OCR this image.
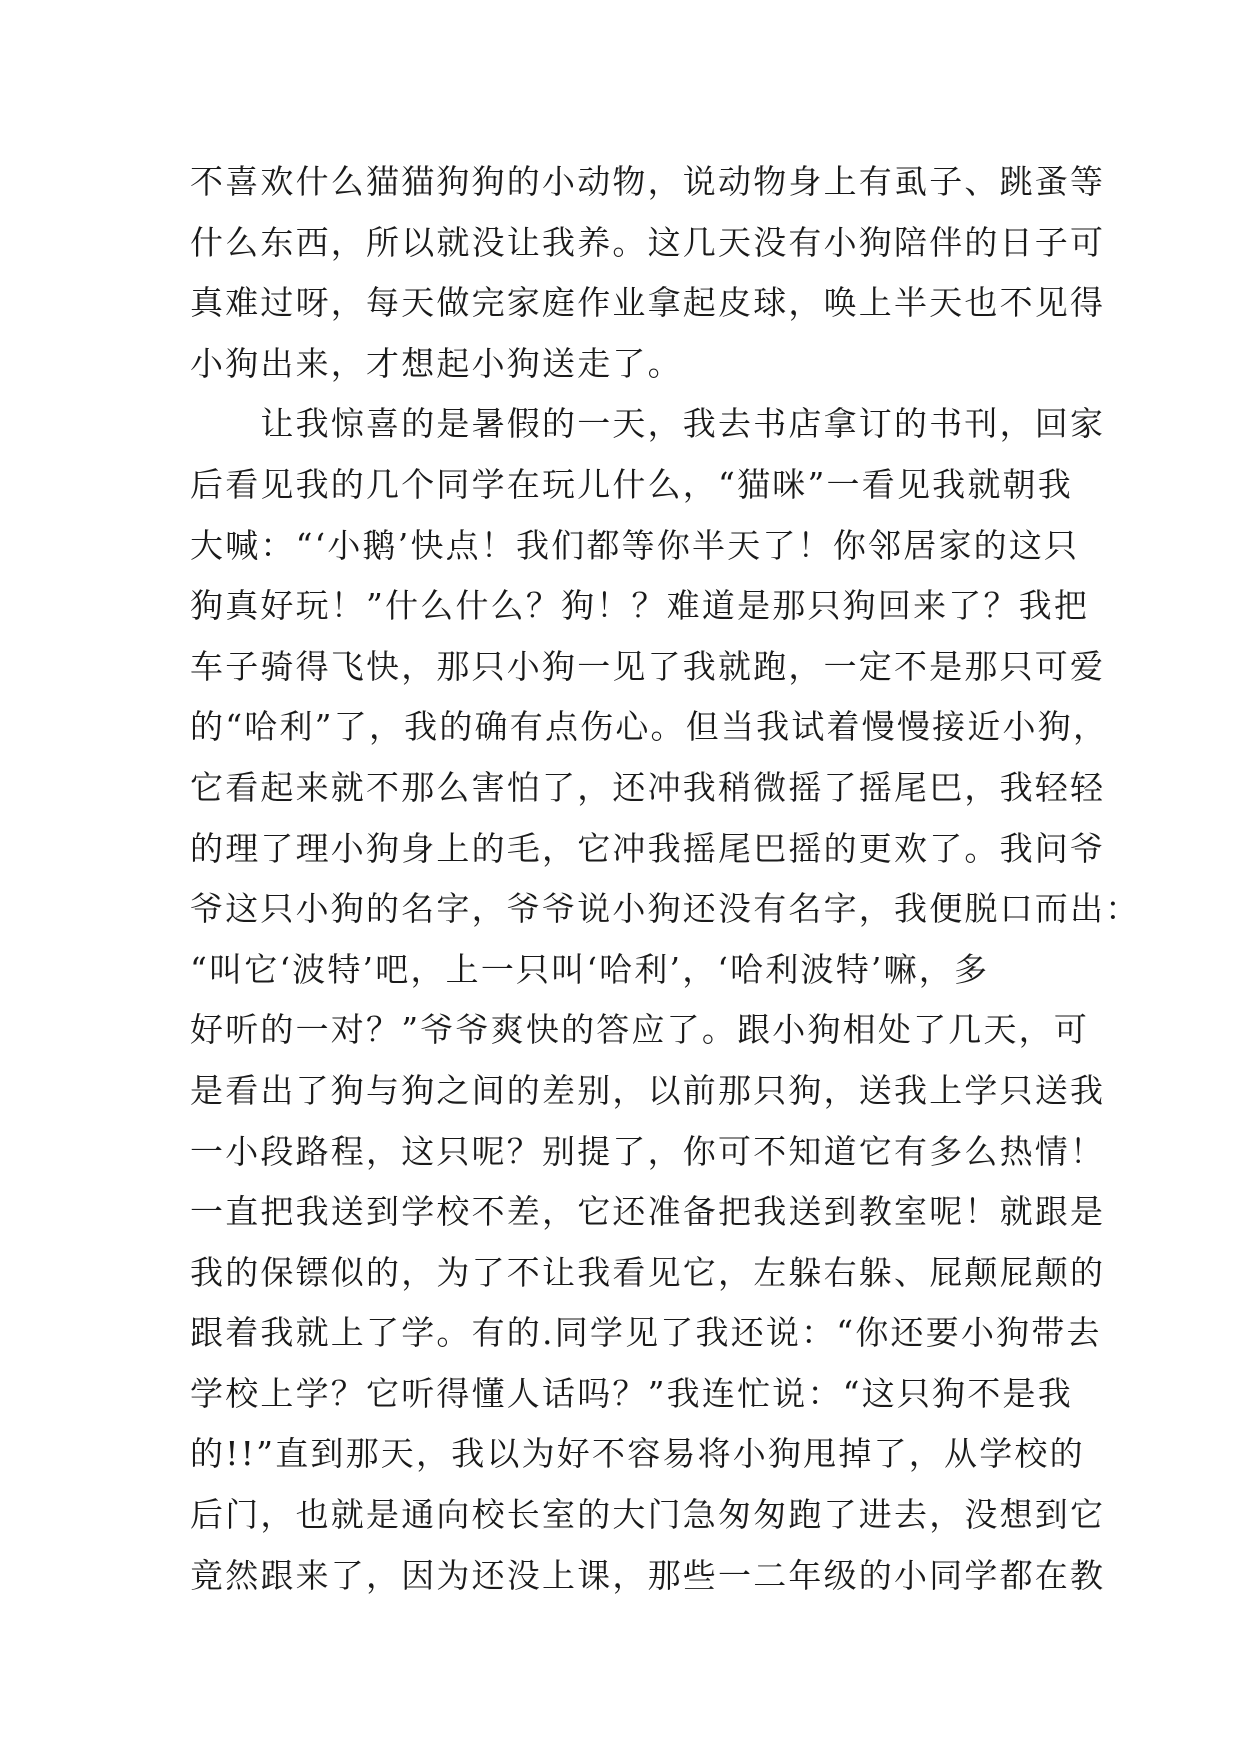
不喜欢什么猫猫狗狗的小动物，说动物身上有虱子、跳蚤等
什么东西，所以就没让我养。这几天没有小狗陪伴的日子可
真难过呀，每天做完家庭作业拿起皮球，唤上半天也不见得
小狗出来，才想起小狗送走了。
　　让我惊喜的是暑假的一天，我去书店拿订的书刊，回家
后看见我的几个同学在玩儿什么，“猫咪”一看见我就朝我
大喊：“‘小鹅’快点！我们都等你半天了！你邻居家的这只
狗真好玩！”什么什么？狗！？难道是那只狗回来了？我把
车子骑得飞快，那只小狗一见了我就跑，一定不是那只可爱
的“哈利”了，我的确有点伤心。但当我试着慢慢接近小狗，
它看起来就不那么害怕了，还冲我稍微摇了摇尾巴，我轻轻
的理了理小狗身上的毛，它冲我摇尾巴摇的更欢了。我问爷
爷这只小狗的名字，爷爷说小狗还没有名字，我便脱口而出：
“叫它‘波特’吧，上一只叫‘哈利’，‘哈利波特’嘛，多
好听的一对？”爷爷爽快的答应了。跟小狗相处了几天，可
是看出了狗与狗之间的差别，以前那只狗，送我上学只送我
一小段路程，这只呢？别提了，你可不知道它有多么热情！
一直把我送到学校不差，它还准备把我送到教室呢！就跟是
我的保镖似的，为了不让我看见它，左躲右躲、屁颠屁颠的
跟着我就上了学。有的.同学见了我还说：“你还要小狗带去
学校上学？它听得懂人话吗？”我连忙说：“这只狗不是我
的!!”直到那天，我以为好不容易将小狗甩掉了，从学校的
后门，也就是通向校长室的大门急匆匆跑了进去，没想到它
竟然跟来了，因为还没上课，那些一二年级的小同学都在教
